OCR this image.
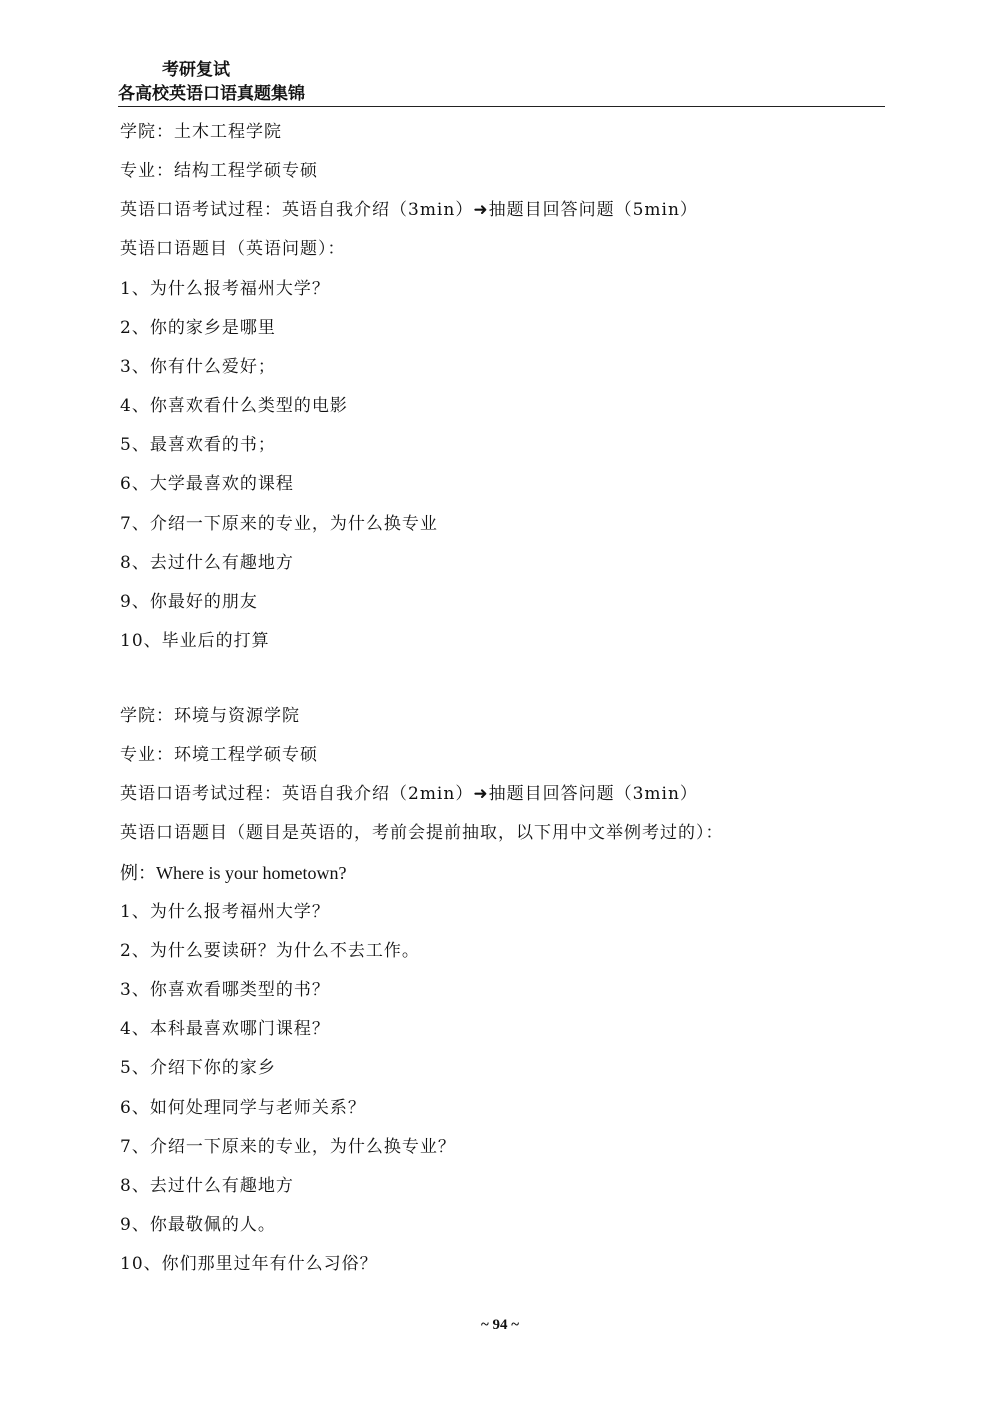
考研复试
各高校英语口语真题集锦
学院：土木工程学院
专业：结构工程学硕专硕
英语口语考试过程：英语自我介绍（3min）➜抽题目回答问题（5min）
英语口语题目（英语问题）：
1、为什么报考福州大学？
2、你的家乡是哪里
3、你有什么爱好；
4、你喜欢看什么类型的电影
5、最喜欢看的书；
6、大学最喜欢的课程
7、介绍一下原来的专业，为什么换专业
8、去过什么有趣地方
9、你最好的朋友
10、毕业后的打算
学院：环境与资源学院
专业：环境工程学硕专硕
英语口语考试过程：英语自我介绍（2min）➜抽题目回答问题（3min）
英语口语题目（题目是英语的，考前会提前抽取，以下用中文举例考过的）：
例：Where is your hometown?
1、为什么报考福州大学？
2、为什么要读研？为什么不去工作。
3、你喜欢看哪类型的书？
4、本科最喜欢哪门课程？
5、介绍下你的家乡
6、如何处理同学与老师关系？
7、介绍一下原来的专业，为什么换专业？
8、去过什么有趣地方
9、你最敬佩的人。
10、你们那里过年有什么习俗？
~ 94 ~
